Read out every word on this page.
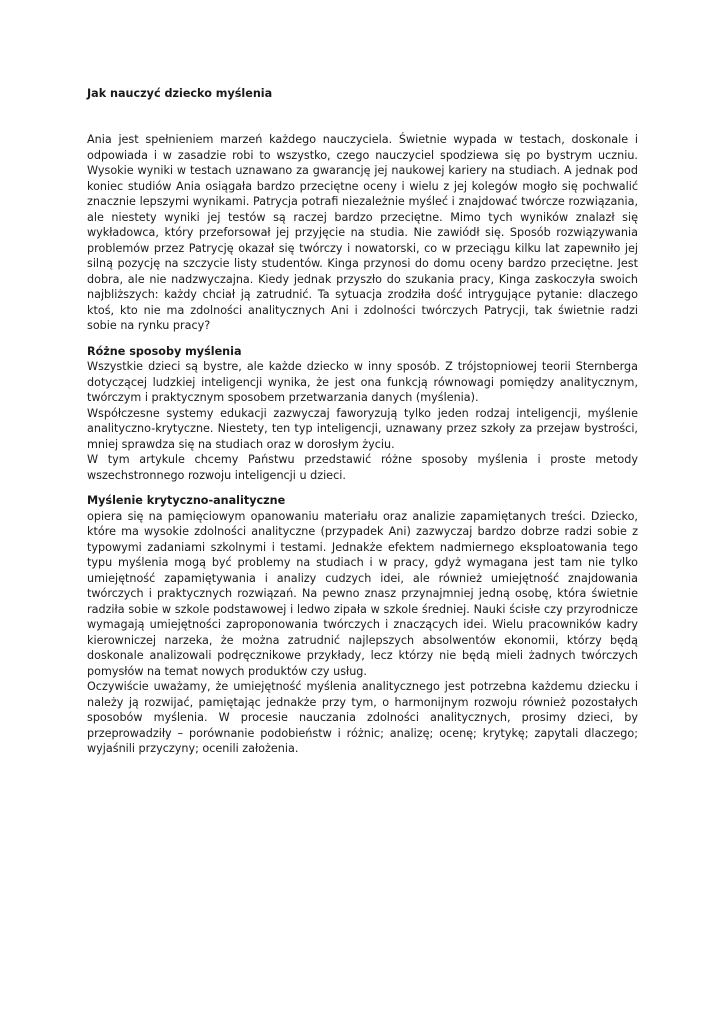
Jak nauczyć dziecko myślenia

Ania jest spełnieniem marzeń każdego nauczyciela. Świetnie wypada w testach, doskonale i odpowiada i w zasadzie robi to wszystko, czego nauczyciel spodziewa się po bystrym uczniu. Wysokie wyniki w testach uznawano za gwarancję jej naukowej kariery na studiach. A jednak pod koniec studiów Ania osiągała bardzo przeciętne oceny i wielu z jej kolegów mogło się pochwalić znacznie lepszymi wynikami. Patrycja potrafi niezależnie myśleć i znajdować twórcze rozwiązania, ale niestety wyniki jej testów są raczej bardzo przeciętne. Mimo tych wyników znalazł się wykładowca, który przeforsował jej przyjęcie na studia. Nie zawiódł się. Sposób rozwiązywania problemów przez Patrycję okazał się twórczy i nowatorski, co w przeciągu kilku lat zapewniło jej silną pozycję na szczycie listy studentów. Kinga przynosi do domu oceny bardzo przeciętne. Jest dobra, ale nie nadzwyczajna. Kiedy jednak przyszło do szukania pracy, Kinga zaskoczyła swoich najbliższych: każdy chciał ją zatrudnić. Ta sytuacja zrodziła dość intrygujące pytanie: dlaczego ktoś, kto nie ma zdolności analitycznych Ani i zdolności twórczych Patrycji, tak świetnie radzi sobie na rynku pracy?

Różne sposoby myślenia

Wszystkie dzieci są bystre, ale każde dziecko w inny sposób. Z trójstopniowej teorii Sternberga dotyczącej ludzkiej inteligencji wynika, że jest ona funkcją równowagi pomiędzy analitycznym, twórczym i praktycznym sposobem przetwarzania danych (myślenia).

Współczesne systemy edukacji zazwyczaj faworyzują tylko jeden rodzaj inteligencji, myślenie analityczno-krytyczne. Niestety, ten typ inteligencji, uznawany przez szkoły za przejaw bystrości, mniej sprawdza się na studiach oraz w dorosłym życiu.

W tym artykule chcemy Państwu przedstawić różne sposoby myślenia i proste metody wszechstronnego rozwoju inteligencji u dzieci.

Myślenie krytyczno-analityczne

opiera się na pamięciowym opanowaniu materiału oraz analizie zapamiętanych treści. Dziecko, które ma wysokie zdolności analityczne (przypadek Ani) zazwyczaj bardzo dobrze radzi sobie z typowymi zadaniami szkolnymi i testami. Jednakże efektem nadmiernego eksploatowania tego typu myślenia mogą być problemy na studiach i w pracy, gdyż wymagana jest tam nie tylko umiejętność zapamiętywania i analizy cudzych idei, ale również umiejętność znajdowania twórczych i praktycznych rozwiązań. Na pewno znasz przynajmniej jedną osobę, która świetnie radziła sobie w szkole podstawowej i ledwo zipała w szkole średniej. Nauki ścisłe czy przyrodnicze wymagają umiejętności zaproponowania twórczych i znaczących idei. Wielu pracowników kadry kierowniczej narzeka, że można zatrudnić najlepszych absolwentów ekonomii, którzy będą doskonale analizowali podręcznikowe przykłady, lecz którzy nie będą mieli żadnych twórczych pomysłów na temat nowych produktów czy usług.

Oczywiście uważamy, że umiejętność myślenia analitycznego jest potrzebna każdemu dziecku i należy ją rozwijać, pamiętając jednakże przy tym, o harmonijnym rozwoju również pozostałych sposobów myślenia. W procesie nauczania zdolności analitycznych, prosimy dzieci, by przeprowadziły – porównanie podobieństw i różnic; analizę; ocenę; krytykę; zapytali dlaczego; wyjaśnili przyczyny; ocenili założenia.
